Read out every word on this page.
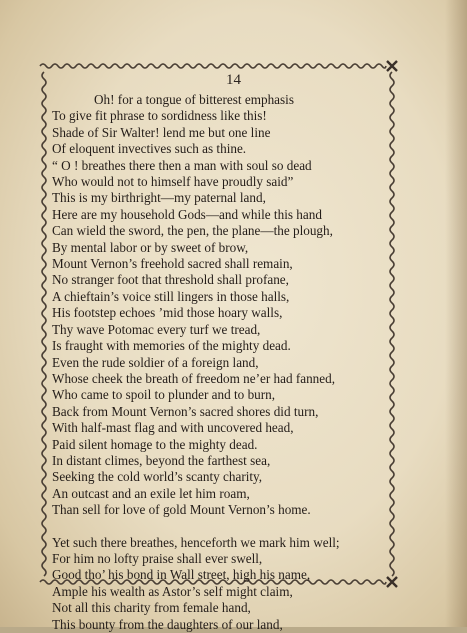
14
Oh! for a tongue of bitterest emphasis
To give fit phrase to sordidness like this!
Shade of Sir Walter! lend me but one line
Of eloquent invectives such as thine.
“ O ! breathes there then a man with soul so dead
Who would not to himself have proudly said”
This is my birthright—my paternal land,
Here are my household Gods—and while this hand
Can wield the sword, the pen, the plane—the plough,
By mental labor or by sweet of brow,
Mount Vernon’s freehold sacred shall remain,
No stranger foot that threshold shall profane,
A chieftain’s voice still lingers in those halls,
His footstep echoes ’mid those hoary walls,
Thy wave Potomac every turf we tread,
Is fraught with memories of the mighty dead.
Even the rude soldier of a foreign land,
Whose cheek the breath of freedom ne’er had fanned,
Who came to spoil to plunder and to burn,
Back from Mount Vernon’s sacred shores did turn,
With half-mast flag and with uncovered head,
Paid silent homage to the mighty dead.
In distant climes, beyond the farthest sea,
Seeking the cold world’s scanty charity,
An outcast and an exile let him roam,
Than sell for love of gold Mount Vernon’s home.
Yet such there breathes, henceforth we mark him well;
For him no lofty praise shall ever swell,
Good tho’ his bond in Wall street, high his name,
Ample his wealth as Astor’s self might claim,
Not all this charity from female hand,
This bounty from the daughters of our land,
